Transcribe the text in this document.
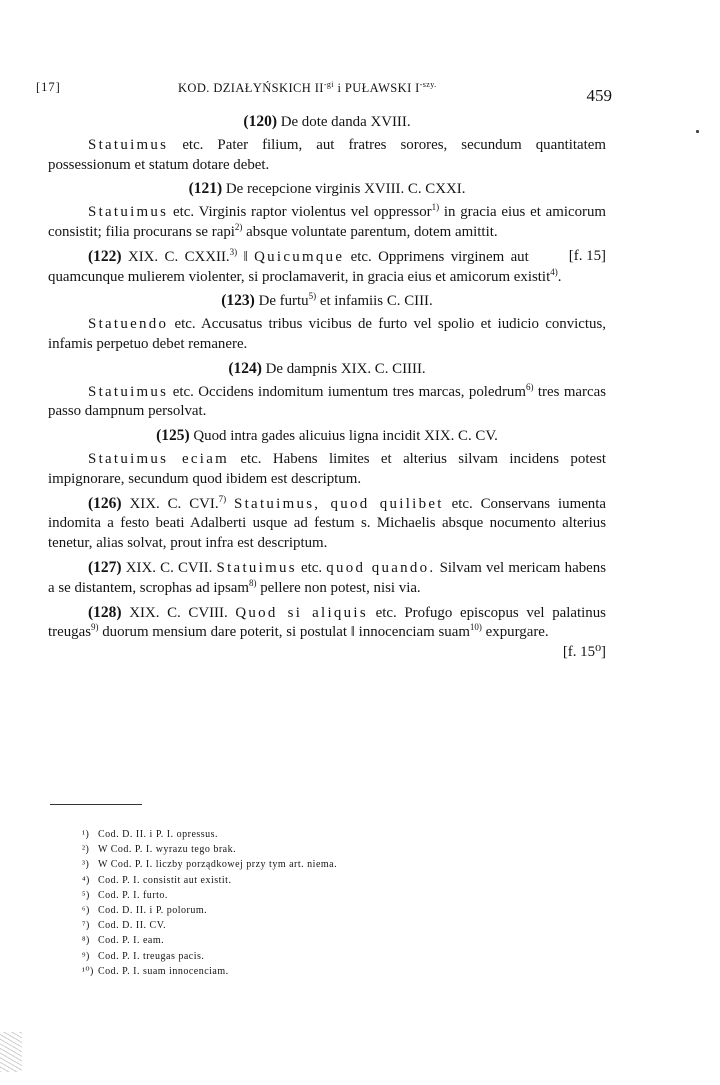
[17]	KOD. DZIAŁYŃSKICH $II^{-gi}$ i PUŁAWSKI $I^{-szy.}$
459

(120) De dote danda XVIII.

Statuimus etc. Pater filium, aut fratres sorores, secundum quantitatem possessionum et statum dotare debet.

(121) De recepcione virginis XVIII. C. CXXI.

Statuimus etc. Virginis raptor violentus vel oppressor$^{1)}$ in gracia eius et amicorum consistit; filia procurans se rapi$^{2)}$ absque voluntate parentum, dotem amittit.

[f. 15]
(122) XIX. C. CXXII.$^{3)}$ ‖ Quicumque etc. Opprimens virginem aut quamcunque mulierem violenter, si proclamaverit, in gracia eius et amicorum existit$^{4)}$.

(123) De furtu$^{5)}$ et infamiis C. CIII.

Statuendo etc. Accusatus tribus vicibus de furto vel spolio et iudicio convictus, infamis perpetuo debet remanere.

(124) De dampnis XIX. C. CIIII.

Statuimus etc. Occidens indomitum iumentum tres marcas, poledrum$^{6)}$ tres marcas passo dampnum persolvat.

(125) Quod intra gades alicuius ligna incidit XIX. C. CV.

Statuimus eciam etc. Habens limites et alterius silvam incidens potest impignorare, secundum quod ibidem est descriptum.

(126) XIX. C. CVI.$^{7)}$ Statuimus, quod quilibet etc. Conservans iumenta indomita a festo beati Adalberti usque ad festum s. Michaelis absque nocumento alterius tenetur, alias solvat, prout infra est descriptum.

(127) XIX. C. CVII. Statuimus etc. quod quando. Silvam vel mericam habens a se distantem, scrophas ad ipsam$^{8)}$ pellere non potest, nisi via.

(128) XIX. C. CVIII. Quod si aliquis etc. Profugo episcopus vel palatinus treugas$^{9)}$ duorum mensium dare poterit, si postulat ‖ innocenciam suam$^{10)}$ expurgare.
[f. 15⁰]

¹) Cod. D. II. i P. I. opressus.
²) W Cod. P. I. wyrazu tego brak.
³) W Cod. P. I. liczby porządkowej przy tym art. niema.
⁴) Cod. P. I. consistit aut existit.
⁵) Cod. P. I. furto.
⁶) Cod. D. II. i P. polorum.
⁷) Cod. D. II. CV.
⁸) Cod. P. I. eam.
⁹) Cod. P. I. treugas pacis.
¹⁰) Cod. P. I. suam innocenciam.
